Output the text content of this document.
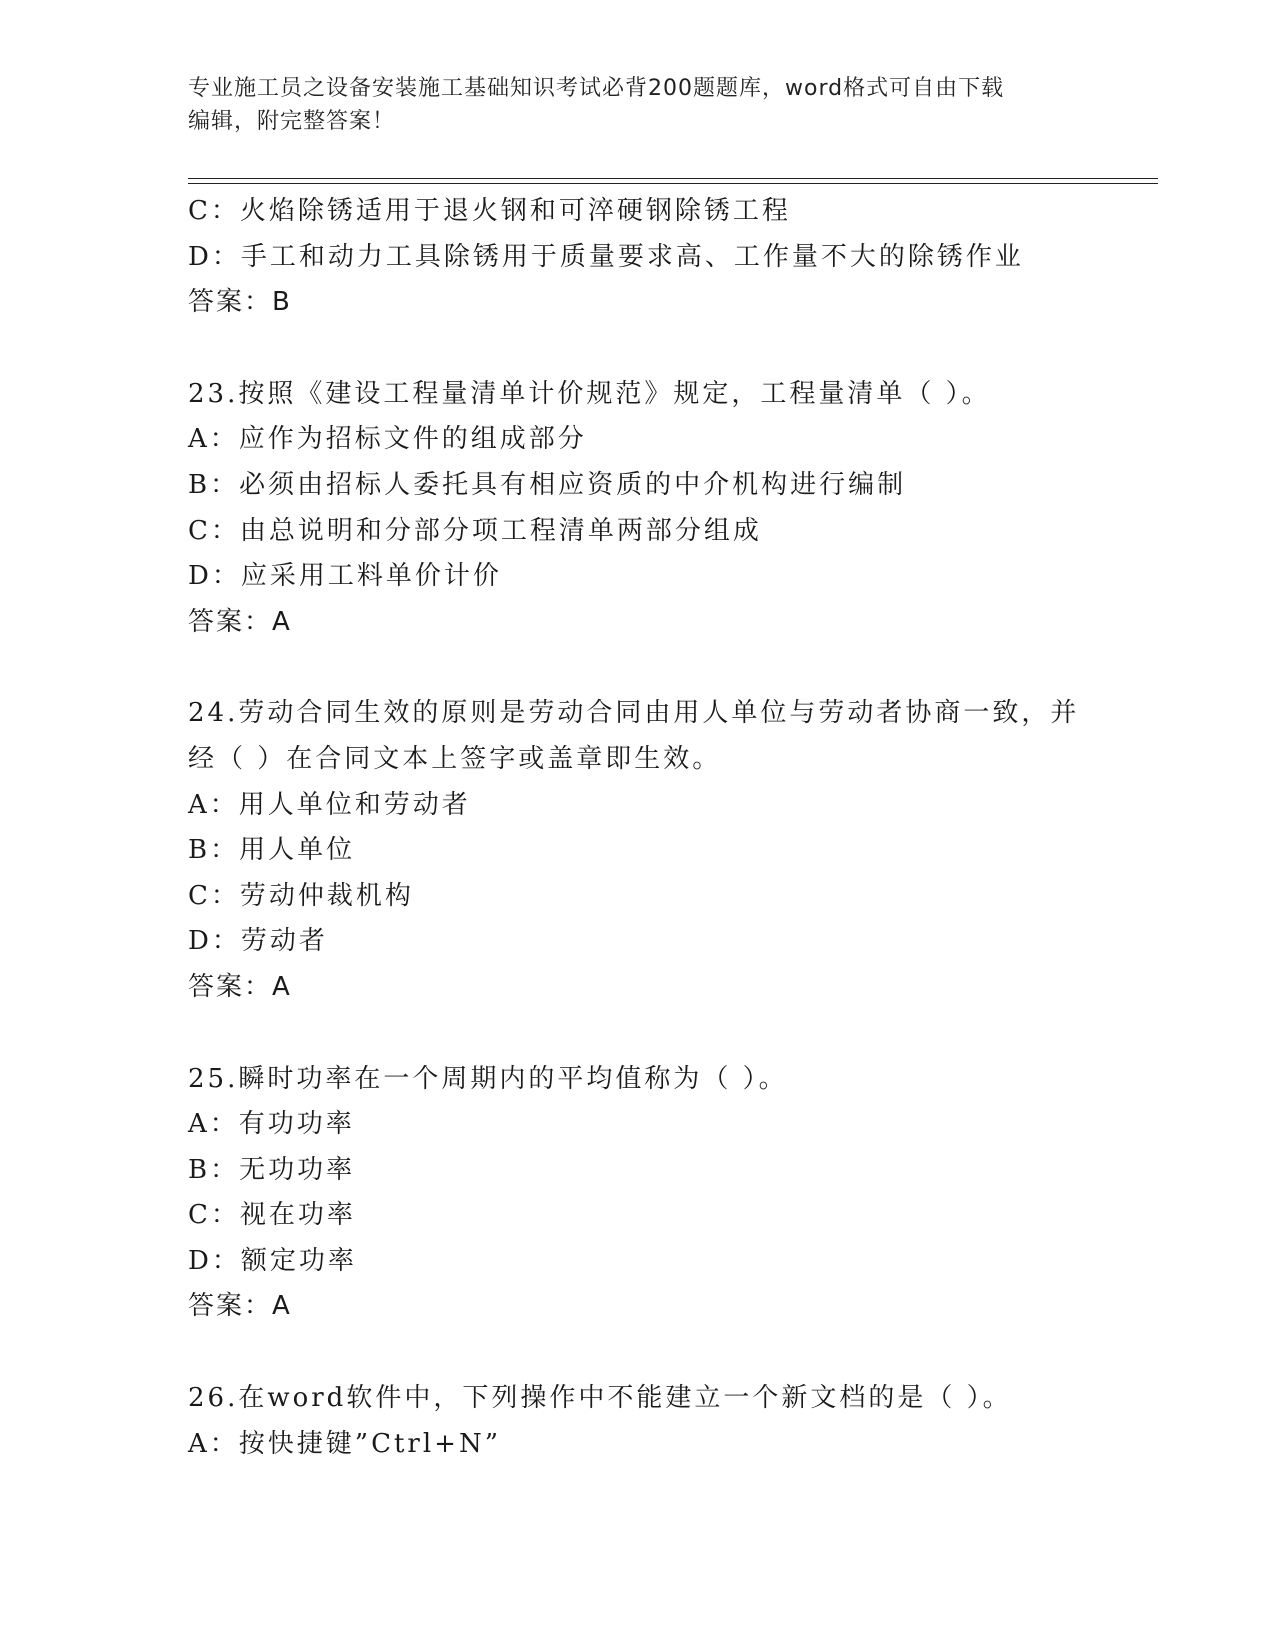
专业施工员之设备安装施工基础知识考试必背200题题库，word格式可自由下载
编辑，附完整答案！
C：火焰除锈适用于退火钢和可淬硬钢除锈工程
D：手工和动力工具除锈用于质量要求高、工作量不大的除锈作业
答案：B
23.按照《建设工程量清单计价规范》规定，工程量清单（ ）。
A：应作为招标文件的组成部分
B：必须由招标人委托具有相应资质的中介机构进行编制
C：由总说明和分部分项工程清单两部分组成
D：应采用工料单价计价
答案：A
24.劳动合同生效的原则是劳动合同由用人单位与劳动者协商一致，并
经（ ）在合同文本上签字或盖章即生效。
A：用人单位和劳动者
B：用人单位
C：劳动仲裁机构
D：劳动者
答案：A
25.瞬时功率在一个周期内的平均值称为（ ）。
A：有功功率
B：无功功率
C：视在功率
D：额定功率
答案：A
26.在word软件中，下列操作中不能建立一个新文档的是（ ）。
A：按快捷键”Ctrl+N”
